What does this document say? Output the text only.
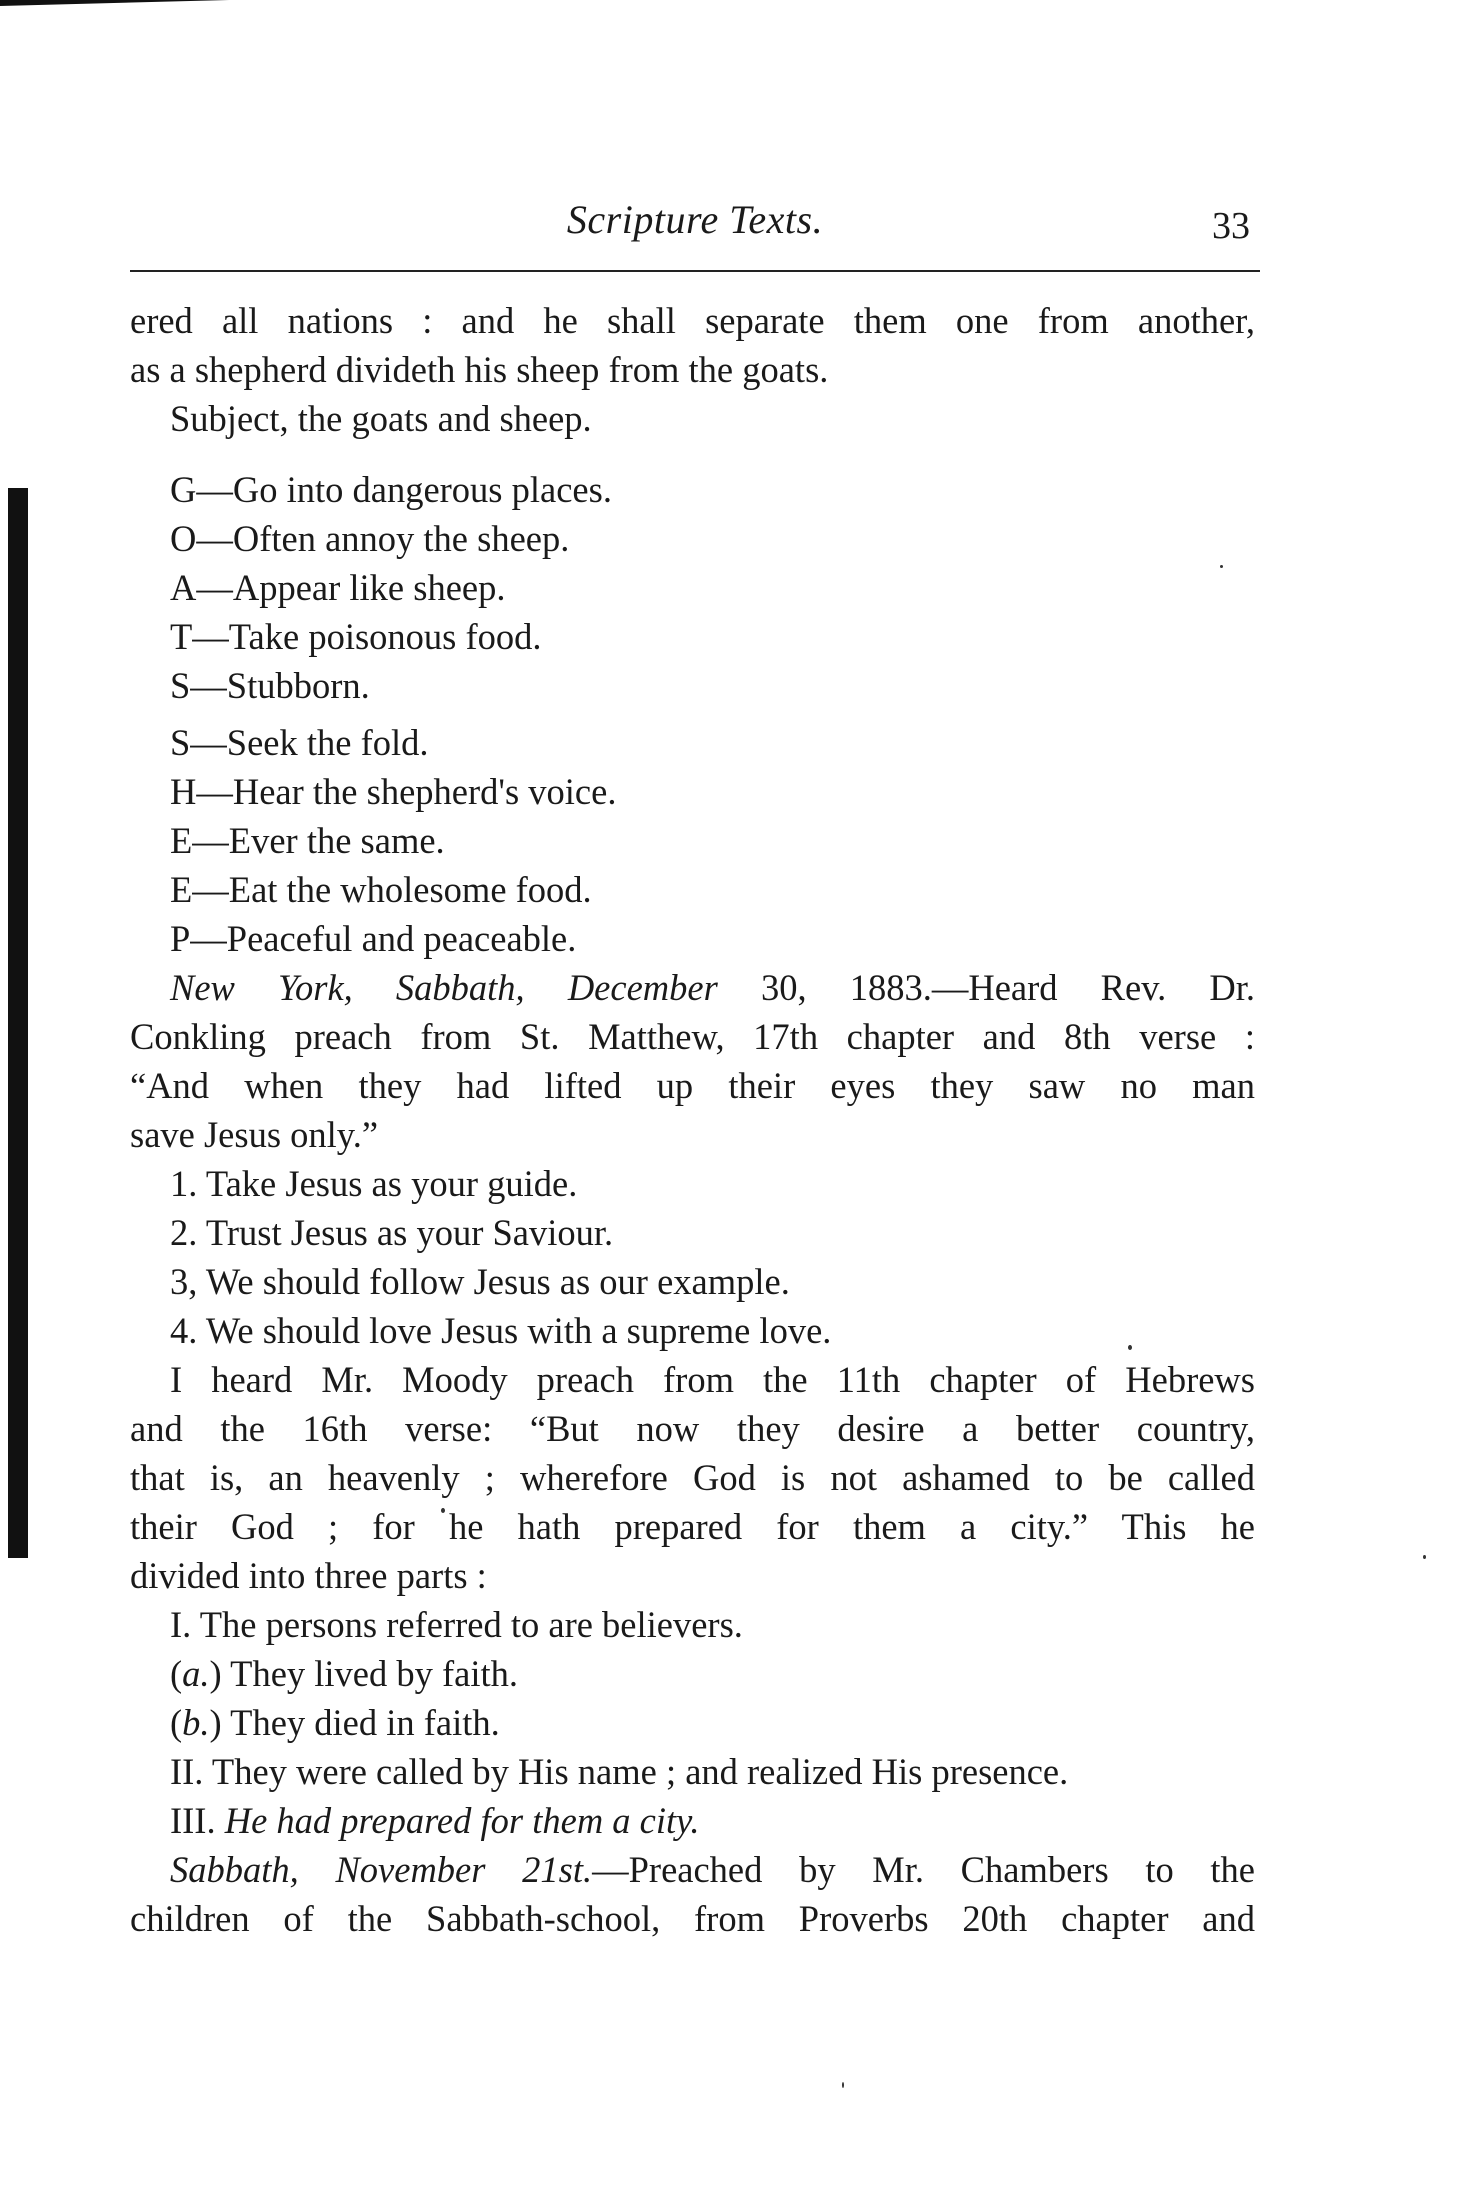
Scripture Texts.	33
ered all nations : and he shall separate them one from another,
as a shepherd divideth his sheep from the goats.
Subject, the goats and sheep.
G—Go into dangerous places.
O—Often annoy the sheep.
A—Appear like sheep.
T—Take poisonous food.
S—Stubborn.
S—Seek the fold.
H—Hear the shepherd's voice.
E—Ever the same.
E—Eat the wholesome food.
P—Peaceful and peaceable.
New York, Sabbath, December 30, 1883.—Heard Rev. Dr.
Conkling preach from St. Matthew, 17th chapter and 8th verse :
“And when they had lifted up their eyes they saw no man
save Jesus only.”
1. Take Jesus as your guide.
2. Trust Jesus as your Saviour.
3, We should follow Jesus as our example.
4. We should love Jesus with a supreme love.
I heard Mr. Moody preach from the 11th chapter of Hebrews
and the 16th verse: “But now they desire a better country,
that is, an heavenly ; wherefore God is not ashamed to be called
their God ; for he hath prepared for them a city.” This he
divided into three parts :
I. The persons referred to are believers.
(a.) They lived by faith.
(b.) They died in faith.
II. They were called by His name ; and realized His presence.
III. He had prepared for them a city.
Sabbath, November 21st.—Preached by Mr. Chambers to the
children of the Sabbath-school, from Proverbs 20th chapter and
